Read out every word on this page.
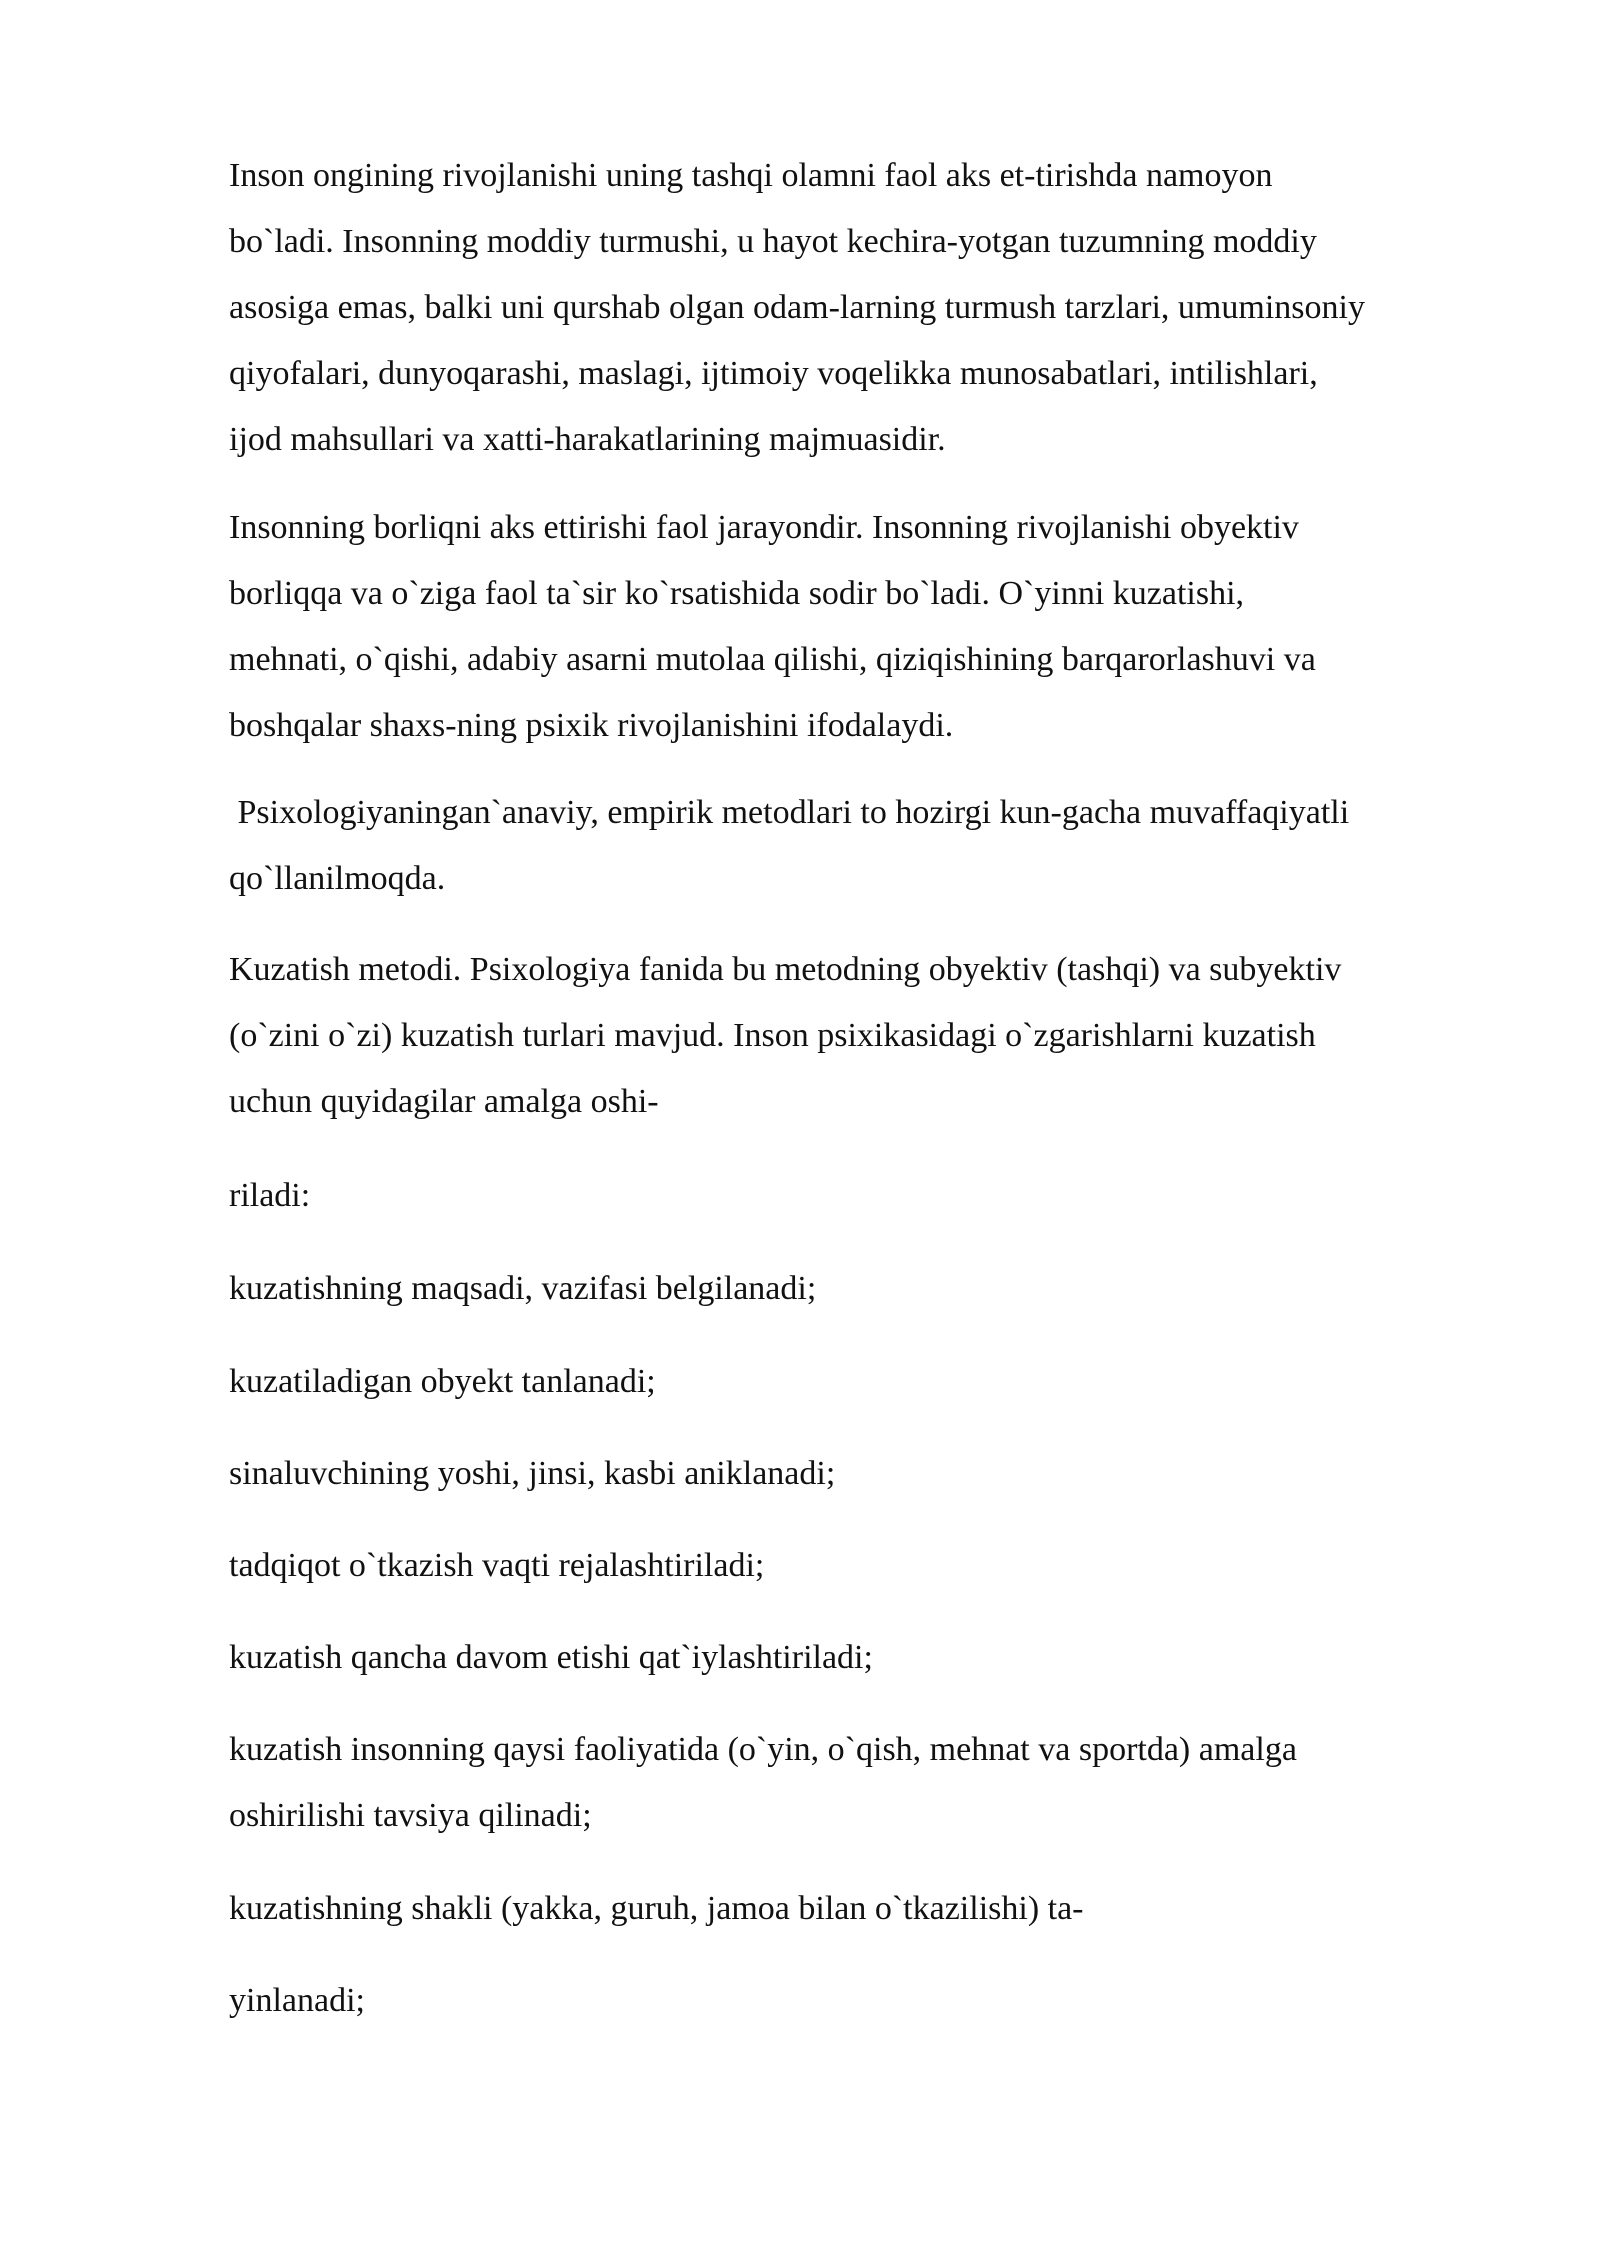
Inson ongining rivojlanishi uning tashqi olamni faol aks et-tirishda namoyon
bo`ladi. Insonning moddiy turmushi, u hayot kechira-yotgan tuzumning moddiy
asosiga emas, balki uni qurshab olgan odam-larning turmush tarzlari, umuminsoniy
qiyofalari, dunyoqarashi, maslagi, ijtimoiy voqelikka munosabatlari, intilishlari,
ijod mahsullari va xatti-harakatlarining majmuasidir.

Insonning borliqni aks ettirishi faol jarayondir. Insonning rivojlanishi obyektiv
borliqqa va o`ziga faol ta`sir ko`rsatishida sodir bo`ladi. O`yinni kuzatishi,
mehnati, o`qishi, adabiy asarni mutolaa qilishi, qiziqishining barqarorlashuvi va
boshqalar shaxs-ning psixik rivojlanishini ifodalaydi.

Psixologiyaningan`anaviy, empirik metodlari to hozirgi kun-gacha muvaffaqiyatli
qo`llanilmoqda.

Kuzatish metodi. Psixologiya fanida bu metodning obyektiv (tashqi) va subyektiv
(o`zini o`zi) kuzatish turlari mavjud. Inson psixikasidagi o`zgarishlarni kuzatish
uchun quyidagilar amalga oshi-

riladi:

kuzatishning maqsadi, vazifasi belgilanadi;

kuzatiladigan obyekt tanlanadi;

sinaluvchining yoshi, jinsi, kasbi aniklanadi;

tadqiqot o`tkazish vaqti rejalashtiriladi;

kuzatish qancha davom etishi qat`iylashtiriladi;

kuzatish insonning qaysi faoliyatida (o`yin, o`qish, mehnat va sportda) amalga
oshirilishi tavsiya qilinadi;

kuzatishning shakli (yakka, guruh, jamoa bilan o`tkazilishi) ta-

yinlanadi;
